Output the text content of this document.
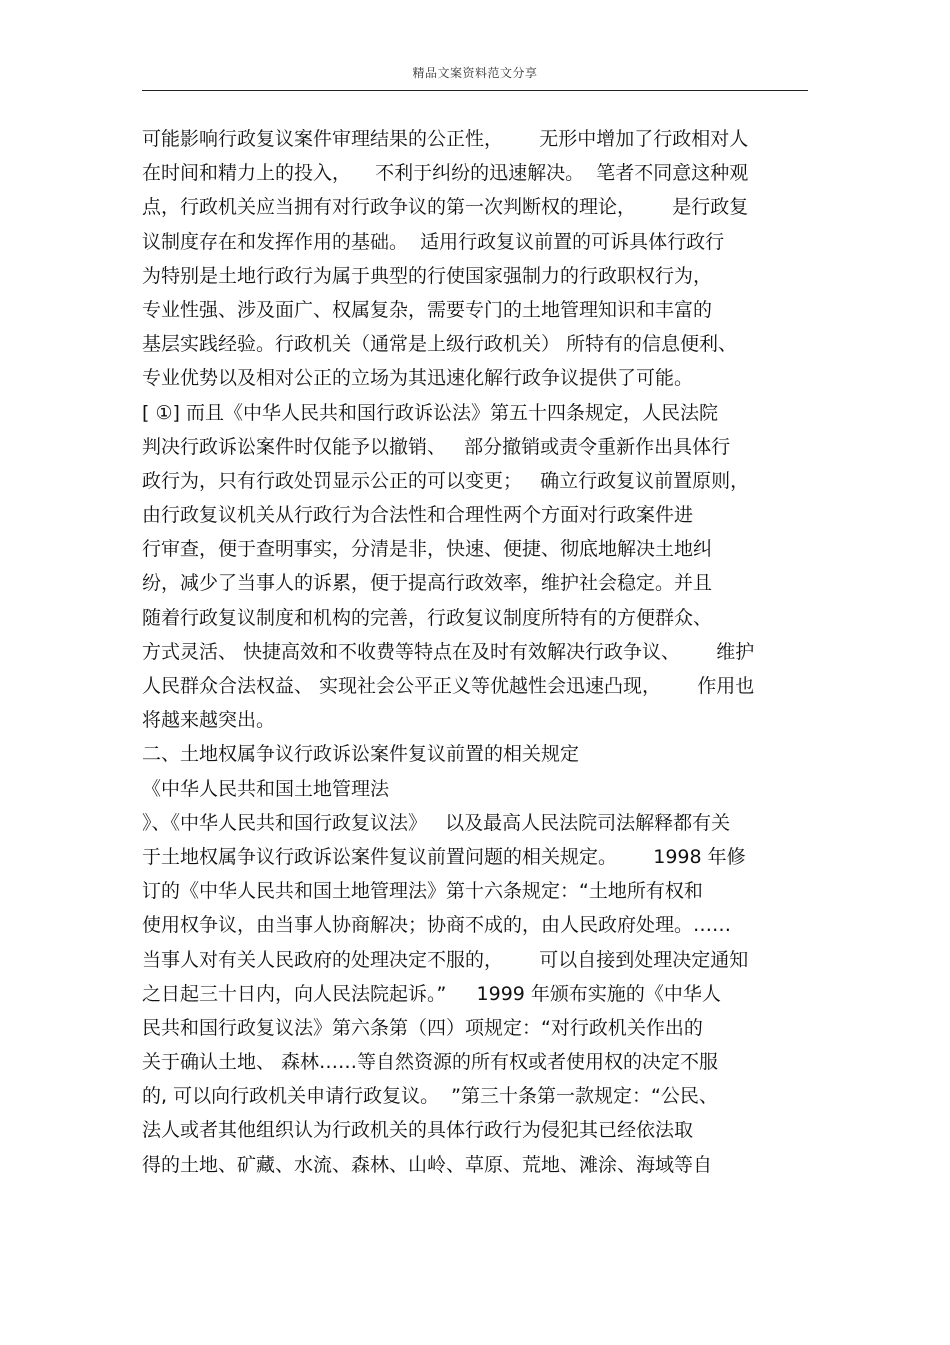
精品文案资料范文分享
可能影响行政复议案件审理结果的公正性，      无形中增加了行政相对人
在时间和精力上的投入，    不利于纠纷的迅速解决。  笔者不同意这种观
点，行政机关应当拥有对行政争议的第一次判断权的理论，      是行政复
议制度存在和发挥作用的基础。  适用行政复议前置的可诉具体行政行
为特别是土地行政行为属于典型的行使国家强制力的行政职权行为，
专业性强、涉及面广、权属复杂，需要专门的土地管理知识和丰富的
基层实践经验。行政机关（通常是上级行政机关） 所特有的信息便利、
专业优势以及相对公正的立场为其迅速化解行政争议提供了可能。
[ ①] 而且《中华人民共和国行政诉讼法》第五十四条规定，人民法院
判决行政诉讼案件时仅能予以撤销、   部分撤销或责令重新作出具体行
政行为，只有行政处罚显示公正的可以变更；   确立行政复议前置原则，
由行政复议机关从行政行为合法性和合理性两个方面对行政案件进
行审查，便于查明事实，分清是非，快速、便捷、彻底地解决土地纠
纷，减少了当事人的诉累，便于提高行政效率，维护社会稳定。并且
随着行政复议制度和机构的完善，行政复议制度所特有的方便群众、
方式灵活、 快捷高效和不收费等特点在及时有效解决行政争议、      维护
人民群众合法权益、 实现社会公平正义等优越性会迅速凸现，      作用也
将越来越突出。
二、土地权属争议行政诉讼案件复议前置的相关规定
《中华人民共和国土地管理法
》、《中华人民共和国行政复议法》   以及最高人民法院司法解释都有关
于土地权属争议行政诉讼案件复议前置问题的相关规定。      1998 年修
订的《中华人民共和国土地管理法》第十六条规定：“土地所有权和
使用权争议，由当事人协商解决；协商不成的，由人民政府处理。……
当事人对有关人民政府的处理决定不服的，      可以自接到处理决定通知
之日起三十日内，向人民法院起诉。”     1999 年颁布实施的《中华人
民共和国行政复议法》第六条第（四）项规定：“对行政机关作出的
关于确认土地、 森林……等自然资源的所有权或者使用权的决定不服
的, 可以向行政机关申请行政复议。  ”第三十条第一款规定：“公民、
法人或者其他组织认为行政机关的具体行政行为侵犯其已经依法取
得的土地、矿藏、水流、森林、山岭、草原、荒地、滩涂、海域等自
